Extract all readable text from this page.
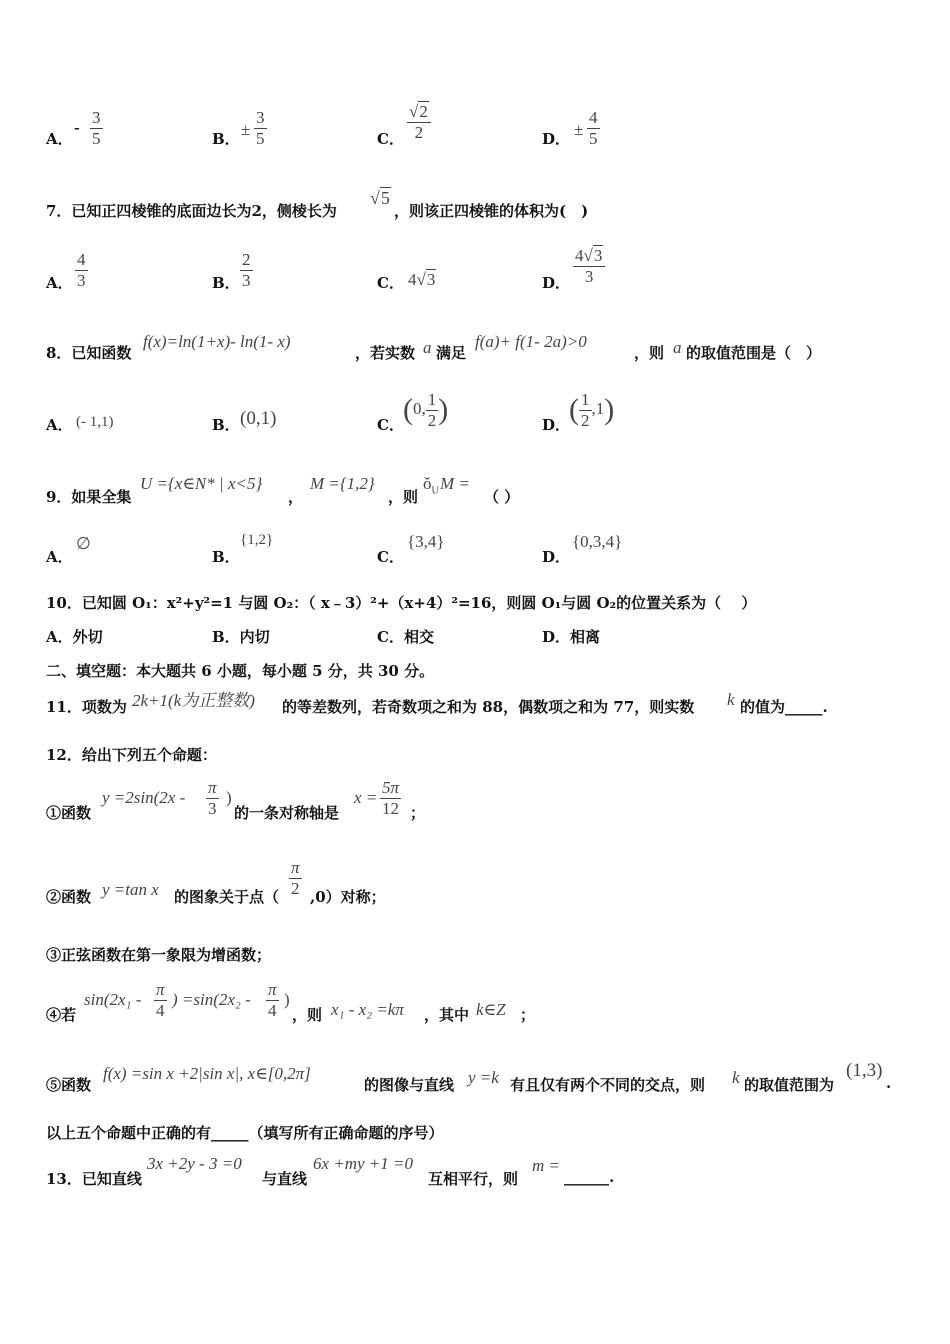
A．
- $\frac{3}{5}$	B． ± $\frac{3}{5}$	C． $\frac{√2}{2}$	D． ± $\frac{4}{5}$
7．已知正四棱锥的底面边长为2，侧棱长为
√5
，则该正四棱锥的体积为(　)
A． $\frac{4}{3}$	B． $\frac{2}{3}$	C． 4√3	D． $\frac{4√3}{3}$
8．已知函数
f(x)=ln(1+x)- ln(1- x)
，若实数 a 满足
f(a)+ f(1- 2a)>0
，则 a 的取值范围是（　）
A． (- 1,1)	B． (0,1)	C． (0, $\frac{1}{2}$ )	D．
( $\frac{1}{2} ,1$)
9．如果全集
U ={x∈N* | x<5}
，
M ={1,2}
，则
$ǒ_U$ M =
（ ）
A．
∅
B．
{1,2}
C．
{3,4}
D．
{0,3,4}
10．已知圆 O₁：x²+y²=1 与圆 O₂：（ x﹣3）²+（x+4）²=16，则圆 O₁与圆 O₂的位置关系为（　 ）
A．外切	B．内切	C．相交	D．相离
二、填空题：本大题共 6 小题，每小题 5 分，共 30 分。
11．项数为 2k+1(k为正整数) 的等差数列，若奇数项之和为 88，偶数项之和为 77，则实数 k 的值为_____.
12．给出下列五个命题：
①函数
$y =2\sin(2x - \frac{\pi}{3}$ )
的一条对称轴是
$x = \frac{5\pi}{12}$ ；
②函数 y =tan x 的图象关于点（ $\frac{\pi}{2} ,0$）对称；
③正弦函数在第一象限为增函数；
④若
$\sin(2x_1 - \frac{\pi}{4}$ ) $=\sin(2x_2 - \frac{\pi}{4}$ )
，则 x₁ - x₂ =kπ ，其中 k∈Z ；
⑤函数
f(x) =sin x +2|sin x|, x∈[0,2π]
的图像与直线 y =k 有且仅有两个不同的交点，则 k 的取值范围为
(1,3)
.
以上五个命题中正确的有_____（填写所有正确命题的序号）
13．已知直线
3x +2y - 3 =0
与直线
6x +my +1 =0
互相平行，则
m =
______.
